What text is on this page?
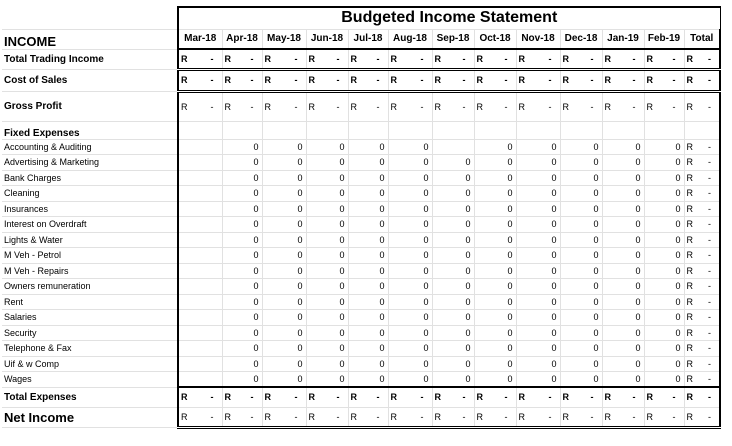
	Budgeted Income Statement												
INCOME	Mar-18	Apr-18	May-18	Jun-18	Jul-18	Aug-18	Sep-18	Oct-18	Nov-18	Dec-18	Jan-19	Feb-19	Total
Total Trading Income	R -	R -	R -	R -	R -	R -	R -	R -	R -	R -	R -	R -	R -

Cost of Sales	R -	R -	R -	R -	R -	R -	R -	R -	R -	R -	R -	R -	R -

Gross Profit	R -	R -	R -	R -	R -	R -	R -	R -	R -	R -	R -	R -	R -

Fixed Expenses													
Accounting & Auditing		0	0	0	0	0		0	0	0	0	0	R -

Advertising & Marketing		0	0	0	0	0	0	0	0	0	0	0	R -

Bank Charges		0	0	0	0	0	0	0	0	0	0	0	R -

Cleaning		0	0	0	0	0	0	0	0	0	0	0	R -

Insurances		0	0	0	0	0	0	0	0	0	0	0	R -

Interest on Overdraft		0	0	0	0	0	0	0	0	0	0	0	R -

Lights & Water		0	0	0	0	0	0	0	0	0	0	0	R -

M Veh - Petrol		0	0	0	0	0	0	0	0	0	0	0	R -

M Veh - Repairs		0	0	0	0	0	0	0	0	0	0	0	R -

Owners remuneration		0	0	0	0	0	0	0	0	0	0	0	R -

Rent		0	0	0	0	0	0	0	0	0	0	0	R -

Salaries		0	0	0	0	0	0	0	0	0	0	0	R -

Security		0	0	0	0	0	0	0	0	0	0	0	R -

Telephone & Fax		0	0	0	0	0	0	0	0	0	0	0	R -

Uif & w Comp		0	0	0	0	0	0	0	0	0	0	0	R -

Wages		0	0	0	0	0	0	0	0	0	0	0	R -

Total Expenses	R -	R -	R -	R -	R -	R -	R -	R -	R -	R -	R -	R -	R -

Net Income	R -	R -	R -	R -	R -	R -	R -	R -	R -	R -	R -	R -	R -
